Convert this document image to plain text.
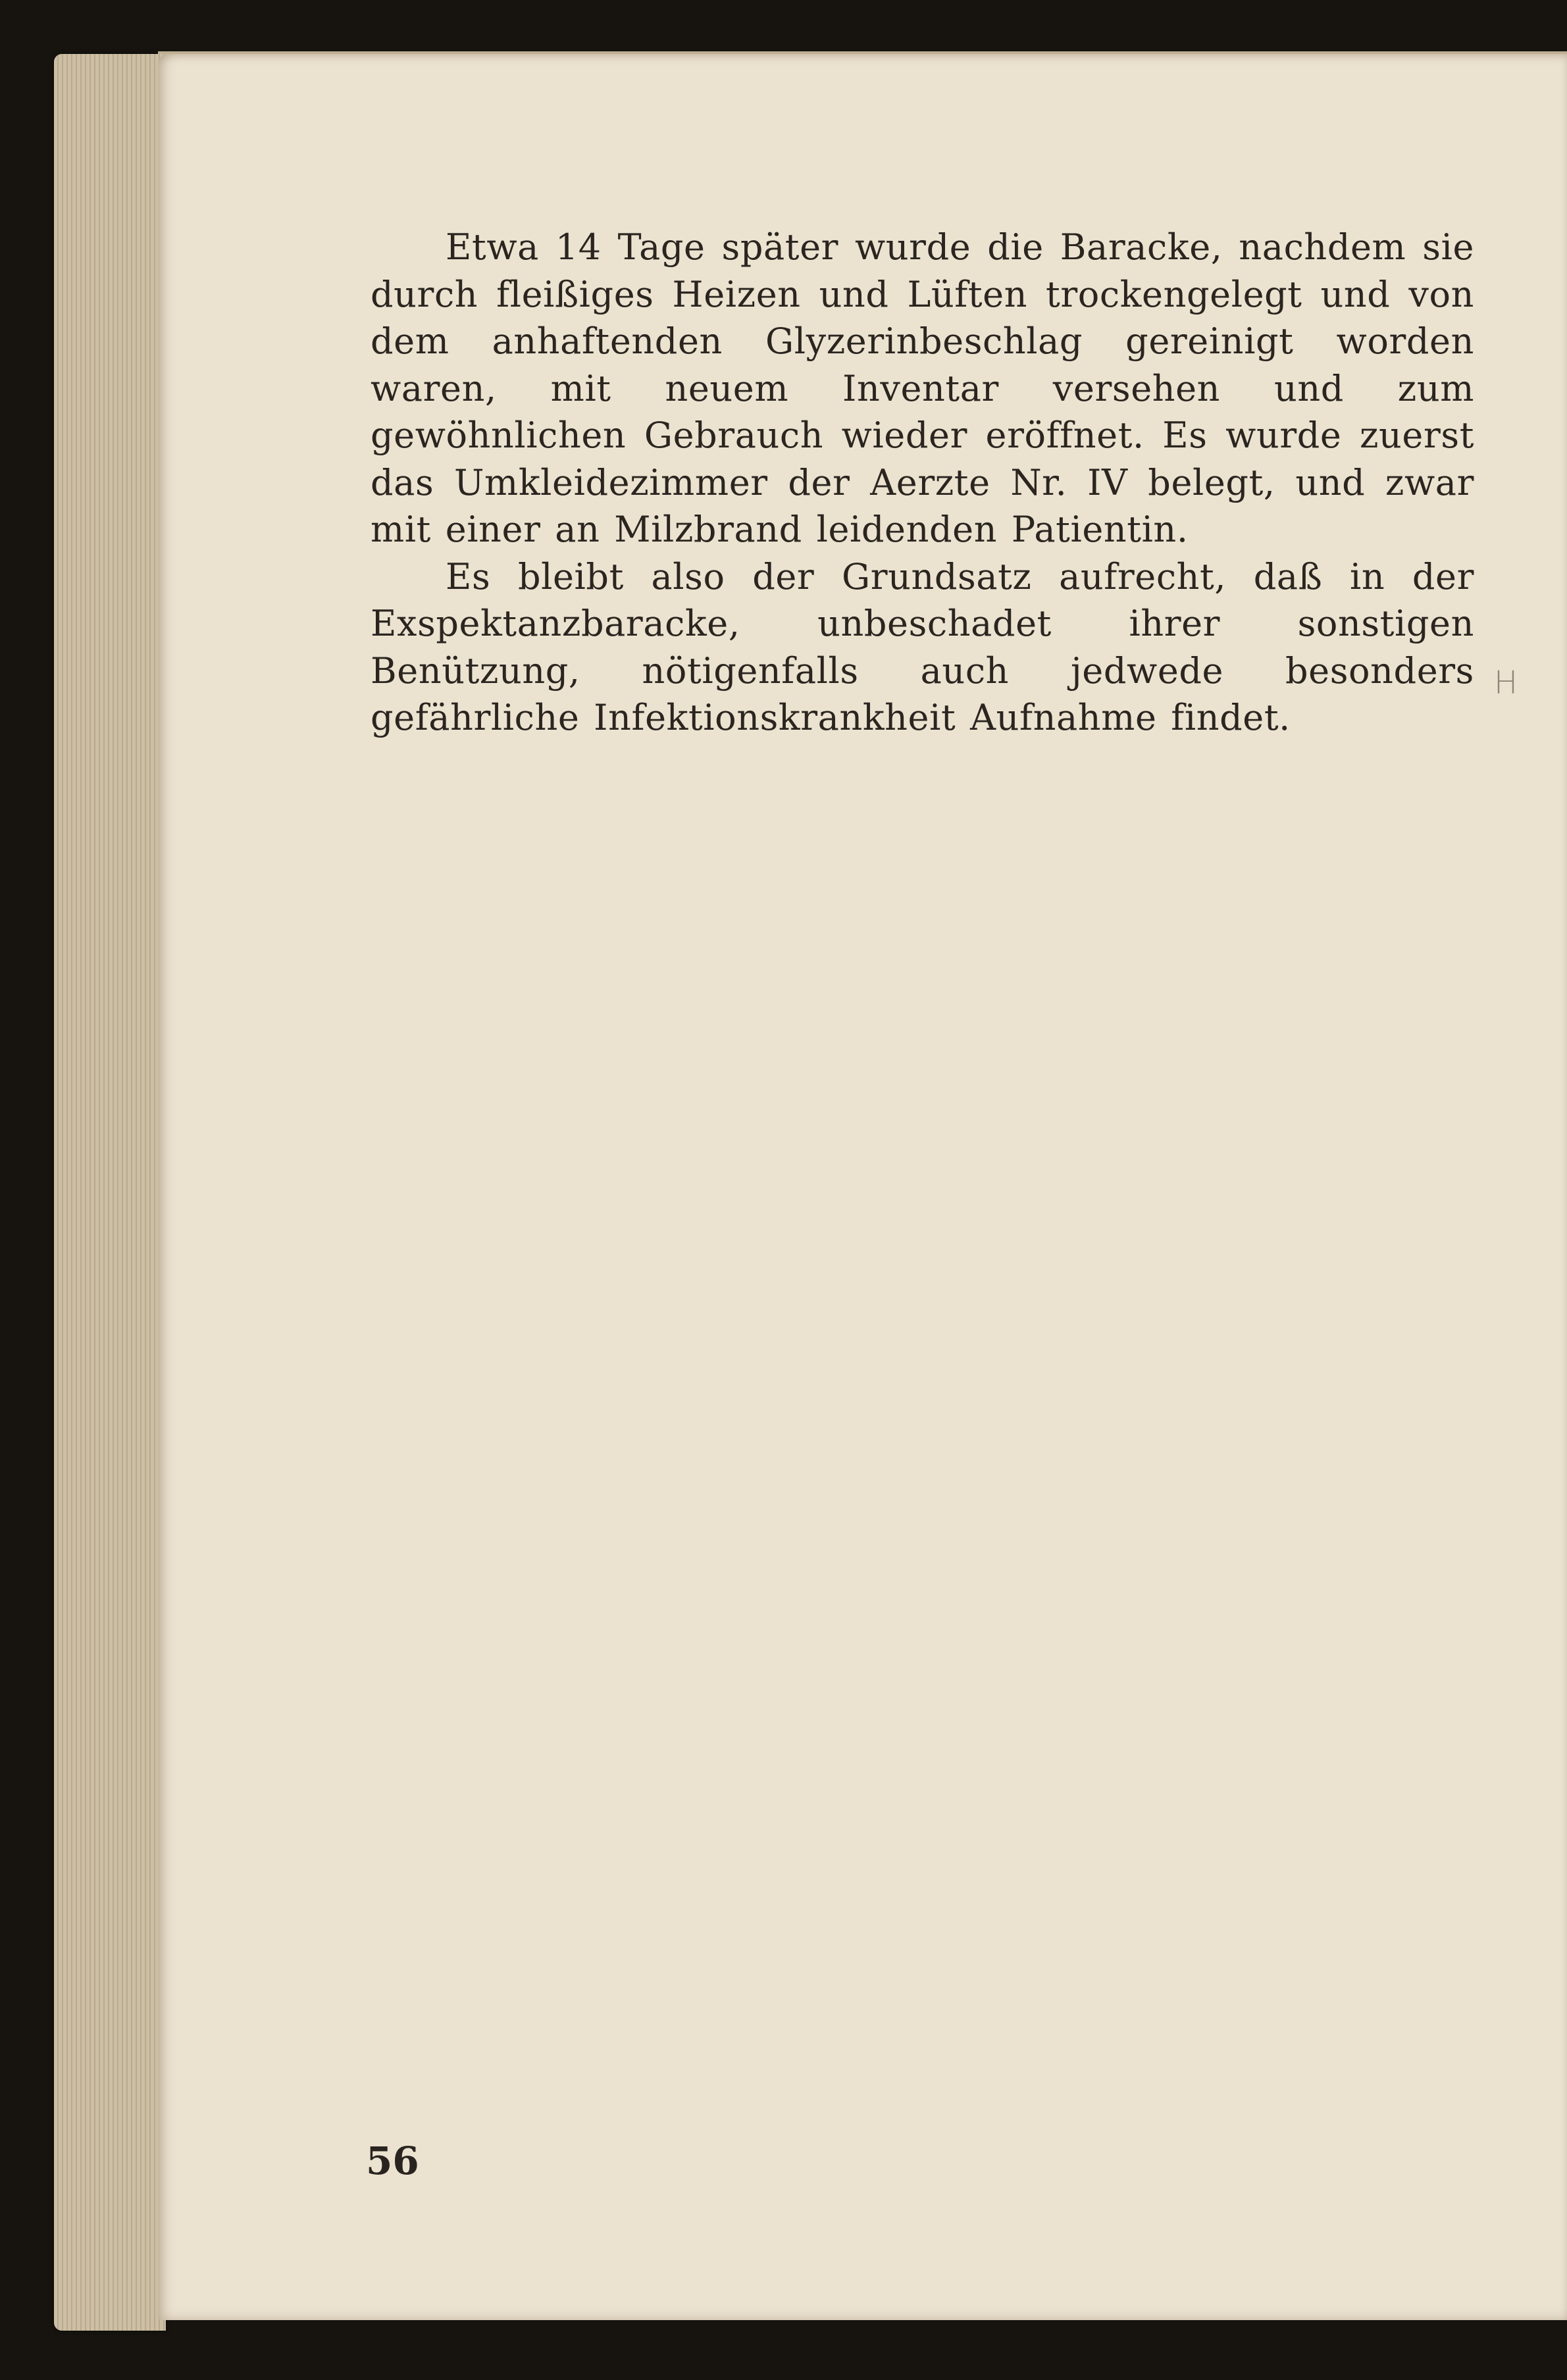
Etwa 14 Tage später wurde die Baracke, nachdem sie durch fleißiges Heizen und Lüften trockengelegt und von dem anhaftenden Glyzerinbeschlag gereinigt worden waren, mit neuem Inventar versehen und zum gewöhnlichen Gebrauch wieder eröffnet. Es wurde zuerst das Umkleidezimmer der Aerzte Nr. IV belegt, und zwar mit einer an Milzbrand leidenden Patientin.

Es bleibt also der Grundsatz aufrecht, daß in der Exspektanzbaracke, unbeschadet ihrer sonstigen Benützung, nötigenfalls auch jedwede besonders gefährliche Infektionskrankheit Aufnahme findet.

H
56
